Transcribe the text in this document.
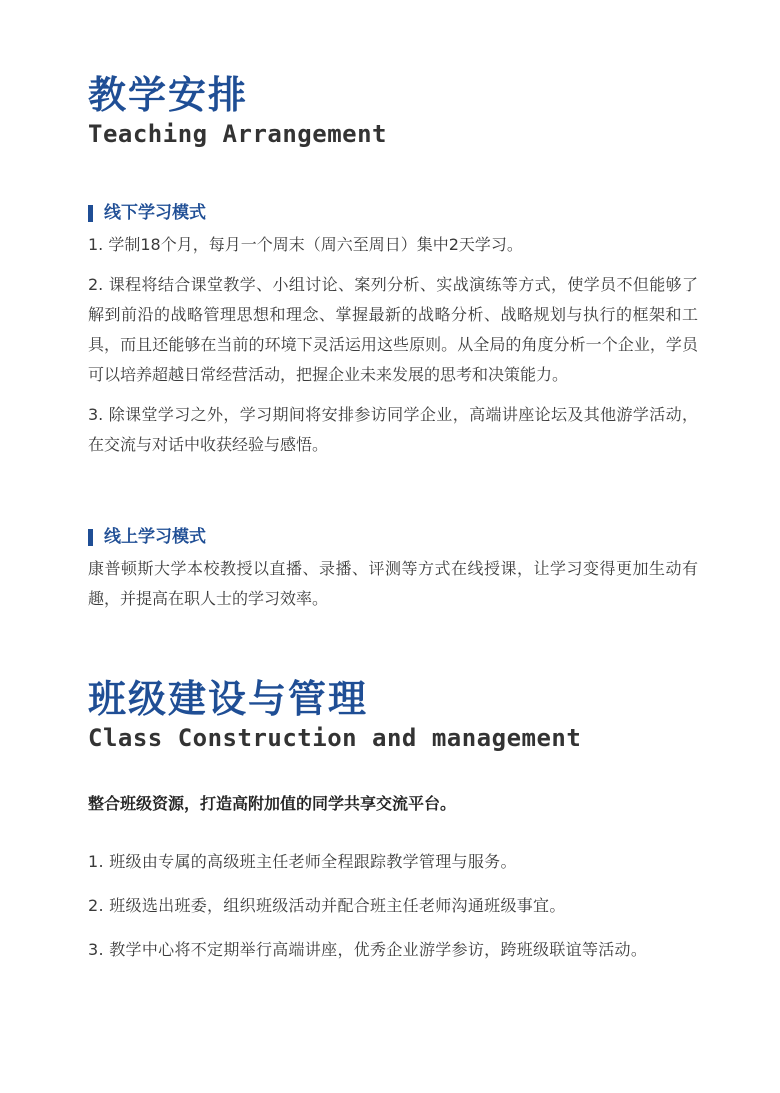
教学安排
Teaching Arrangement
线下学习模式

1. 学制18个月，每月一个周末（周六至周日）集中2天学习。

2. 课程将结合课堂教学、小组讨论、案列分析、实战演练等方式，使学员不但能够了解到前沿的战略管理思想和理念、掌握最新的战略分析、战略规划与执行的框架和工具，而且还能够在当前的环境下灵活运用这些原则。从全局的角度分析一个企业，学员可以培养超越日常经营活动，把握企业未来发展的思考和决策能力。

3. 除课堂学习之外，学习期间将安排参访同学企业，高端讲座论坛及其他游学活动，在交流与对话中收获经验与感悟。

线上学习模式

康普顿斯大学本校教授以直播、录播、评测等方式在线授课，让学习变得更加生动有趣，并提高在职人士的学习效率。

班级建设与管理
Class Construction and management

整合班级资源，打造高附加值的同学共享交流平台。

1. 班级由专属的高级班主任老师全程跟踪教学管理与服务。

2. 班级选出班委，组织班级活动并配合班主任老师沟通班级事宜。

3. 教学中心将不定期举行高端讲座，优秀企业游学参访，跨班级联谊等活动。
